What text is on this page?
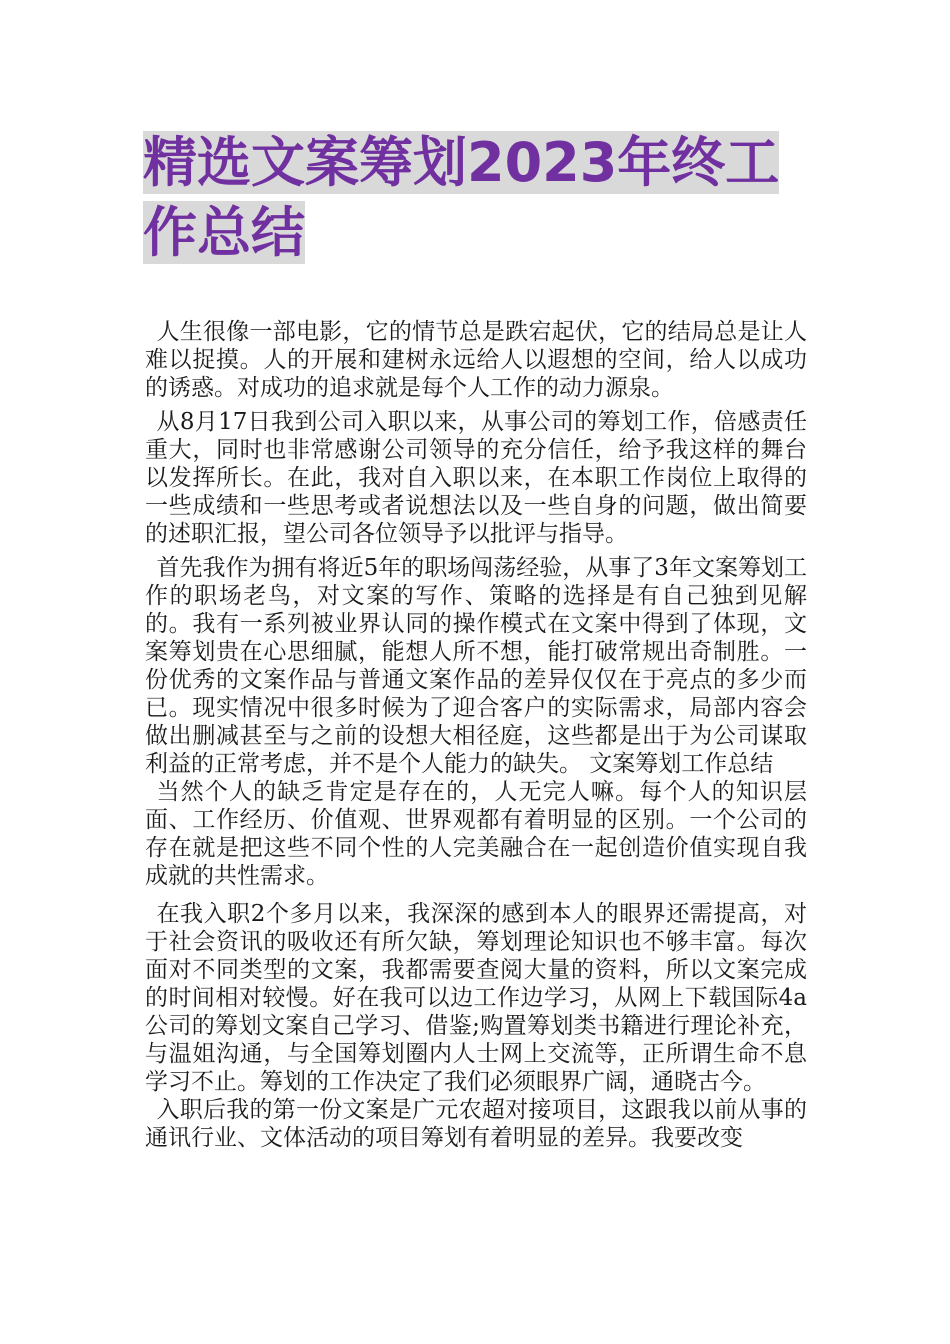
精选文案筹划2023年终工作总结

人生很像一部电影，它的情节总是跌宕起伏，它的结局总是让人难以捉摸。人的开展和建树永远给人以遐想的空间，给人以成功的诱惑。对成功的追求就是每个人工作的动力源泉。

从8月17日我到公司入职以来，从事公司的筹划工作，倍感责任重大，同时也非常感谢公司领导的充分信任，给予我这样的舞台以发挥所长。在此，我对自入职以来，在本职工作岗位上取得的一些成绩和一些思考或者说想法以及一些自身的问题，做出简要的述职汇报，望公司各位领导予以批评与指导。

首先我作为拥有将近5年的职场闯荡经验，从事了3年文案筹划工作的职场老鸟，对文案的写作、策略的选择是有自己独到见解的。我有一系列被业界认同的操作模式在文案中得到了体现，文案筹划贵在心思细腻，能想人所不想，能打破常规出奇制胜。一份优秀的文案作品与普通文案作品的差异仅仅在于亮点的多少而已。现实情况中很多时候为了迎合客户的实际需求，局部内容会做出删减甚至与之前的设想大相径庭，这些都是出于为公司谋取利益的正常考虑，并不是个人能力的缺失。 文案筹划工作总结

当然个人的缺乏肯定是存在的，人无完人嘛。每个人的知识层面、工作经历、价值观、世界观都有着明显的区别。一个公司的存在就是把这些不同个性的人完美融合在一起创造价值实现自我成就的共性需求。

在我入职2个多月以来，我深深的感到本人的眼界还需提高，对于社会资讯的吸收还有所欠缺，筹划理论知识也不够丰富。每次面对不同类型的文案，我都需要查阅大量的资料，所以文案完成的时间相对较慢。好在我可以边工作边学习，从网上下载国际4a公司的筹划文案自己学习、借鉴;购置筹划类书籍进行理论补充，与温姐沟通，与全国筹划圈内人士网上交流等，正所谓生命不息学习不止。筹划的工作决定了我们必须眼界广阔，通晓古今。

入职后我的第一份文案是广元农超对接项目，这跟我以前从事的通讯行业、文体活动的项目筹划有着明显的差异。我要改变
